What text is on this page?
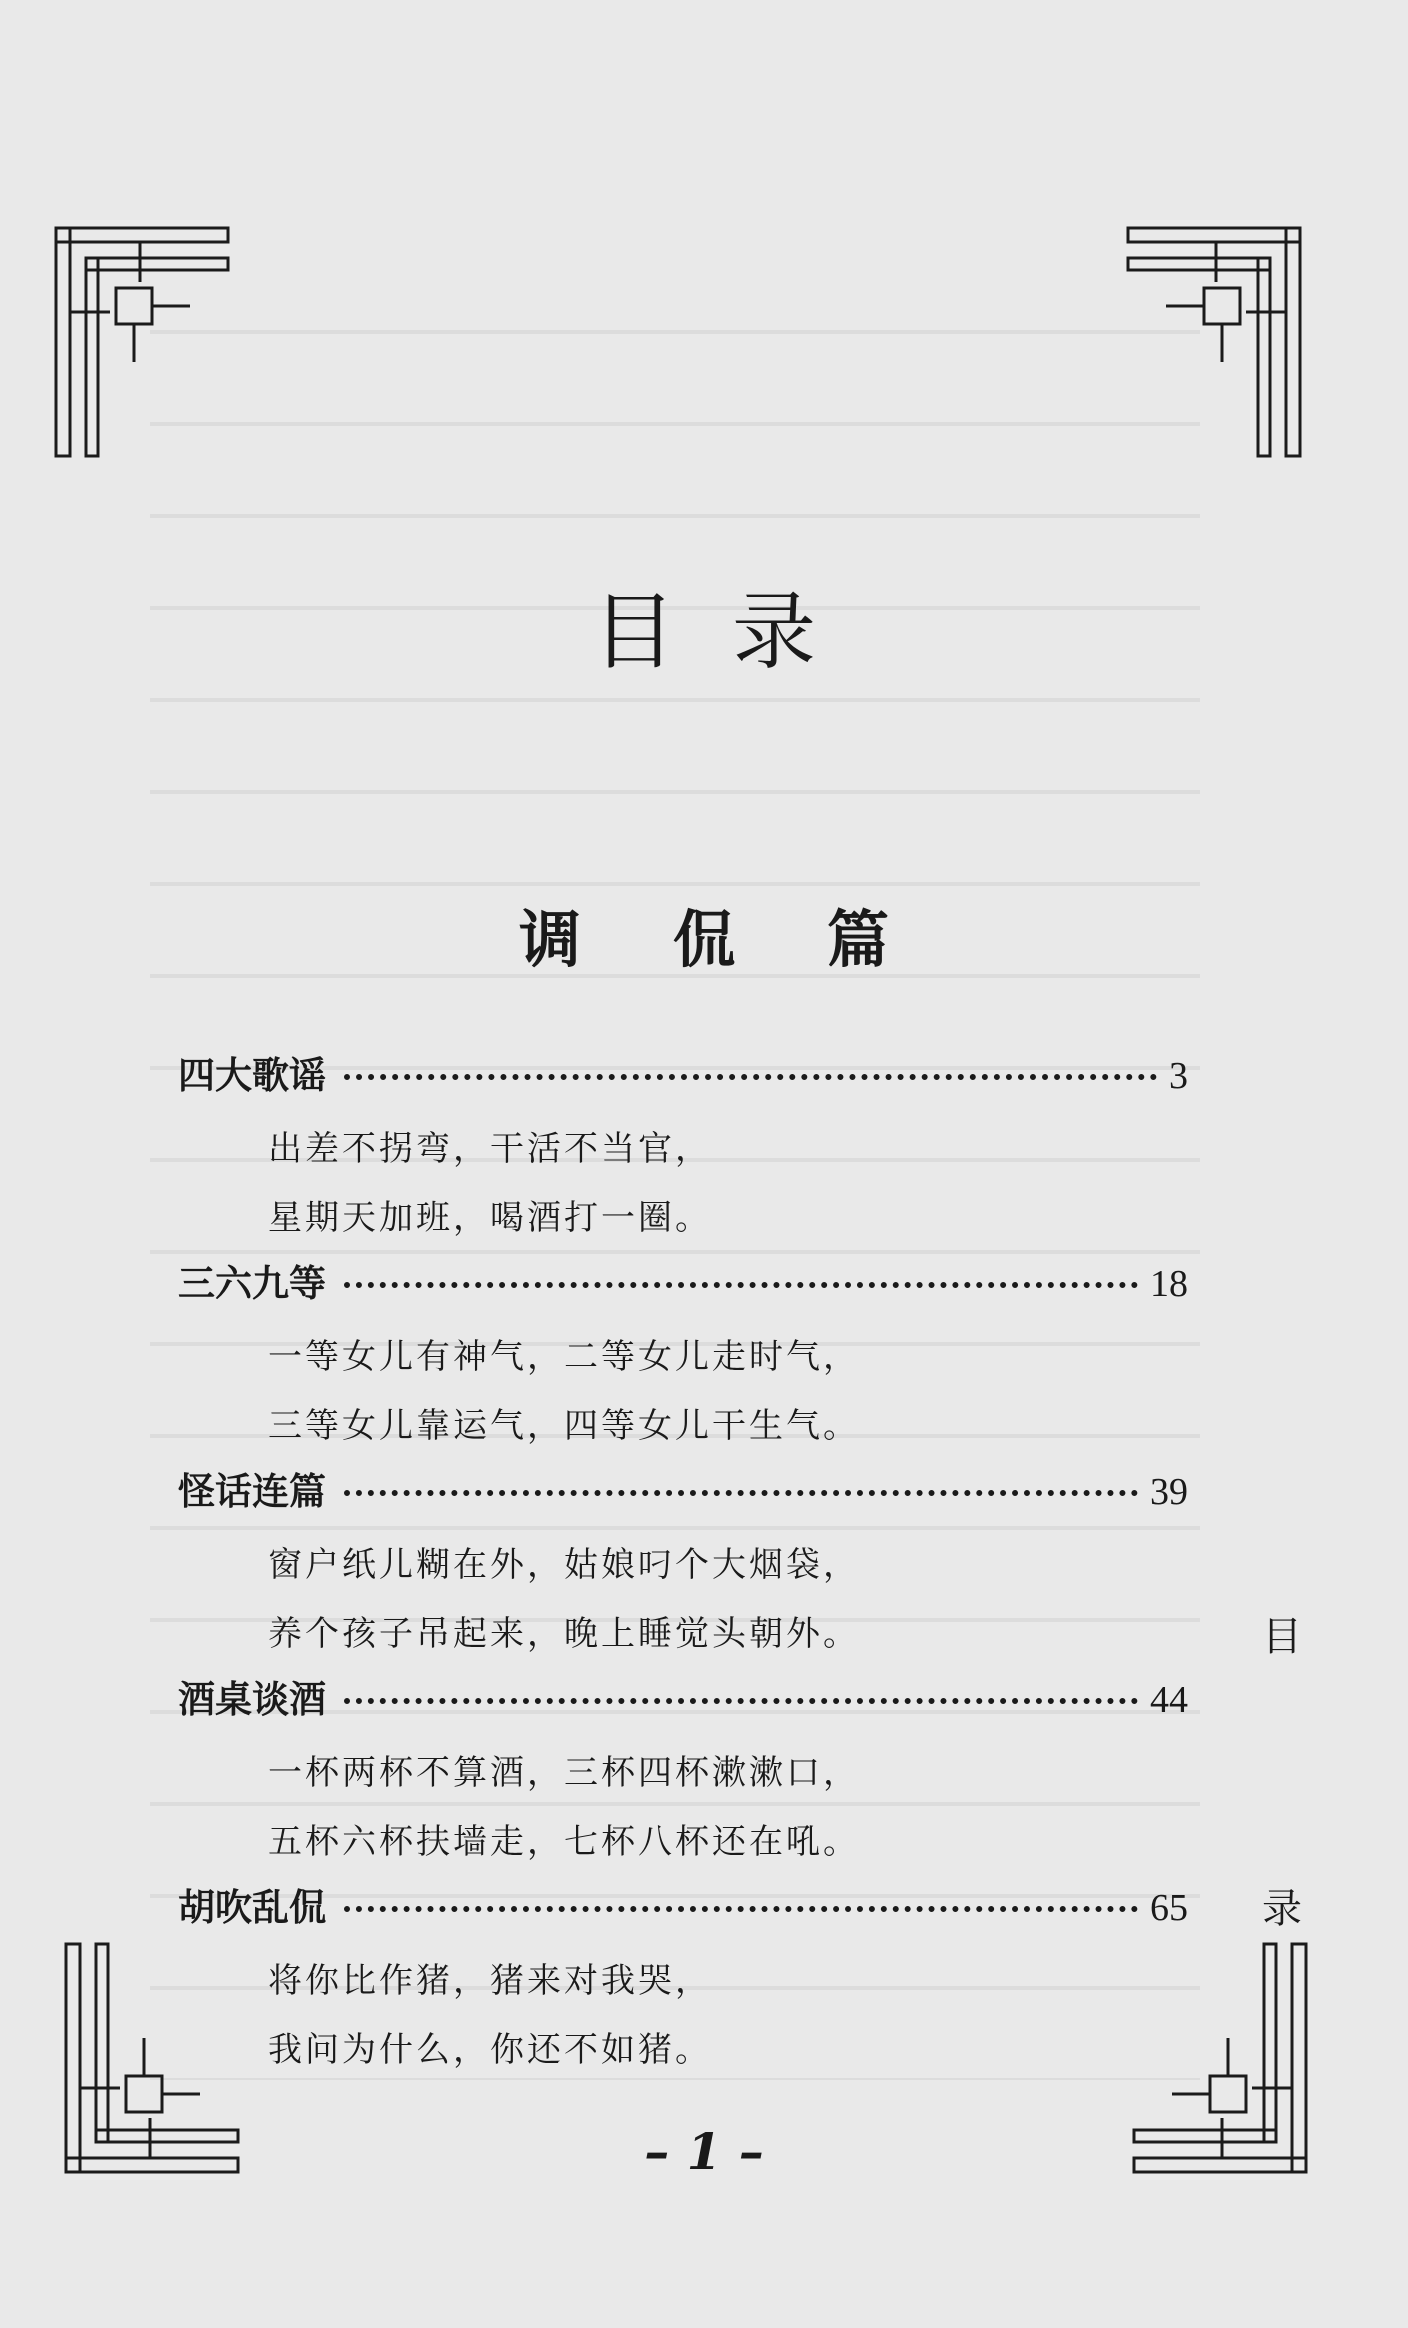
目录
调侃篇
四大歌谣	3
出差不拐弯，干活不当官，
星期天加班，喝酒打一圈。
三六九等	18
一等女儿有神气，二等女儿走时气，
三等女儿靠运气，四等女儿干生气。
怪话连篇	39
窗户纸儿糊在外，姑娘叼个大烟袋，
养个孩子吊起来，晚上睡觉头朝外。
酒桌谈酒	44
一杯两杯不算酒，三杯四杯漱漱口，
五杯六杯扶墙走，七杯八杯还在吼。
胡吹乱侃	65
将你比作猪，猪来对我哭，
我问为什么，你还不如猪。
目
录
– 1 –
